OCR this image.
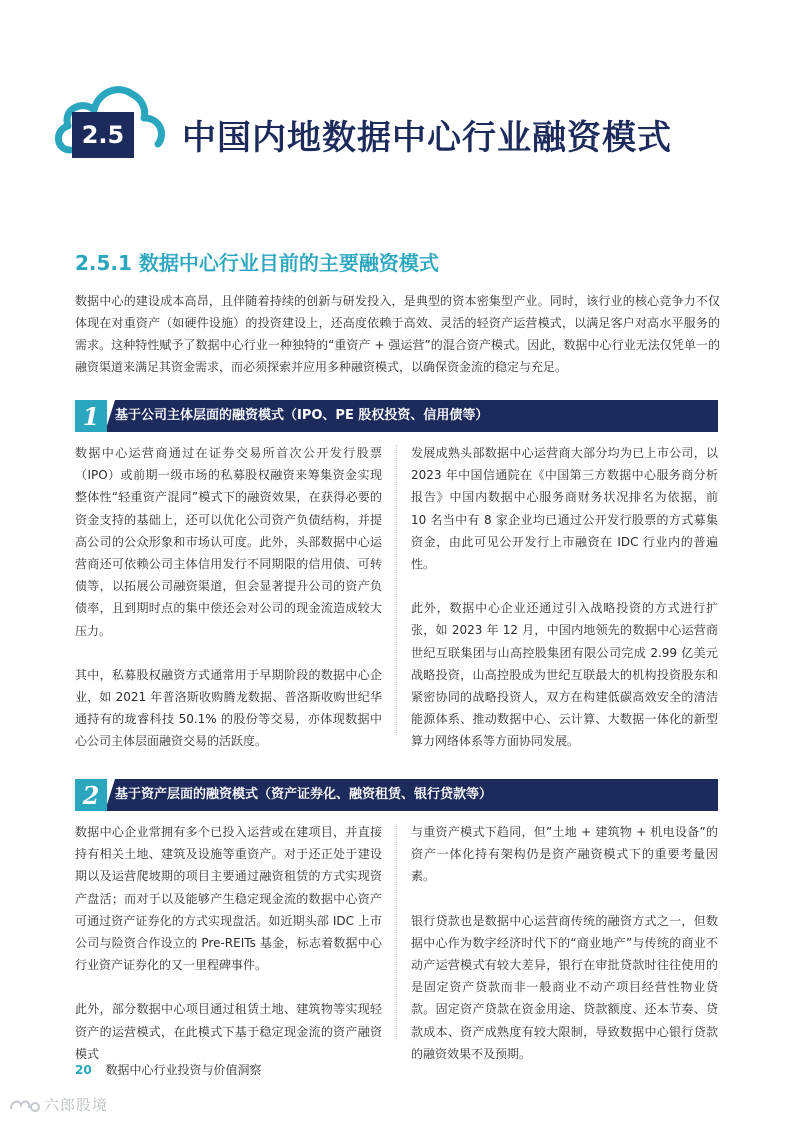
2.5 中国内地数据中心行业融资模式
2.5.1 数据中心行业目前的主要融资模式
数据中心的建设成本高昂，且伴随着持续的创新与研发投入，是典型的资本密集型产业。同时，该行业的核心竞争力不仅体现在对重资产（如硬件设施）的投资建设上，还高度依赖于高效、灵活的轻资产运营模式，以满足客户对高水平服务的需求。这种特性赋予了数据中心行业一种独特的“重资产 + 强运营”的混合资产模式。因此，数据中心行业无法仅凭单一的融资渠道来满足其资金需求，而必须探索并应用多种融资模式，以确保资金流的稳定与充足。
1	基于公司主体层面的融资模式（IPO、PE 股权投资、信用债等）

数据中心运营商通过在证券交易所首次公开发行股票（IPO）或前期一级市场的私募股权融资来筹集资金实现整体性“轻重资产混同”模式下的融资效果，在获得必要的资金支持的基础上，还可以优化公司资产负债结构，并提高公司的公众形象和市场认可度。此外，头部数据中心运营商还可依赖公司主体信用发行不同期限的信用债、可转债等，以拓展公司融资渠道，但会显著提升公司的资产负债率，且到期时点的集中偿还会对公司的现金流造成较大压力。

其中，私募股权融资方式通常用于早期阶段的数据中心企业，如 2021 年普洛斯收购腾龙数据、普洛斯收购世纪华通持有的珑睿科技 50.1% 的股份等交易，亦体现数据中心公司主体层面融资交易的活跃度。

发展成熟头部数据中心运营商大部分均为已上市公司，以 2023 年中国信通院在《中国第三方数据中心服务商分析报告》中国内数据中心服务商财务状况排名为依据，前 10 名当中有 8 家企业均已通过公开发行股票的方式募集资金，由此可见公开发行上市融资在 IDC 行业内的普遍性。

此外，数据中心企业还通过引入战略投资的方式进行扩张，如 2023 年 12 月，中国内地领先的数据中心运营商世纪互联集团与山高控股集团有限公司完成 2.99 亿美元战略投资，山高控股成为世纪互联最大的机构投资股东和紧密协同的战略投资人，双方在构建低碳高效安全的清洁能源体系、推动数据中心、云计算、大数据一体化的新型算力网络体系等方面协同发展。

2	基于资产层面的融资模式（资产证券化、融资租赁、银行贷款等）

数据中心企业常拥有多个已投入运营或在建项目，并直接持有相关土地、建筑及设施等重资产。对于还正处于建设期以及运营爬坡期的项目主要通过融资租赁的方式实现资产盘活；而对于以及能够产生稳定现金流的数据中心资产可通过资产证券化的方式实现盘活。如近期头部 IDC 上市公司与险资合作设立的 Pre-REITs 基金，标志着数据中心行业资产证券化的又一里程碑事件。

此外，部分数据中心项目通过租赁土地、建筑物等实现轻资产的运营模式，在此模式下基于稳定现金流的资产融资模式

与重资产模式下趋同，但”土地 + 建筑物 + 机电设备”的资产一体化持有架构仍是资产融资模式下的重要考量因素。

银行贷款也是数据中心运营商传统的融资方式之一，但数据中心作为数字经济时代下的“商业地产”与传统的商业不动产运营模式有较大差异，银行在审批贷款时往往使用的是固定资产贷款而非一般商业不动产项目经营性物业贷款。固定资产贷款在资金用途、贷款额度、还本节奏、贷款成本、资产成熟度有较大限制，导致数据中心银行贷款的融资效果不及预期。

20 数据中心行业投资与价值洞察
六郎股境
